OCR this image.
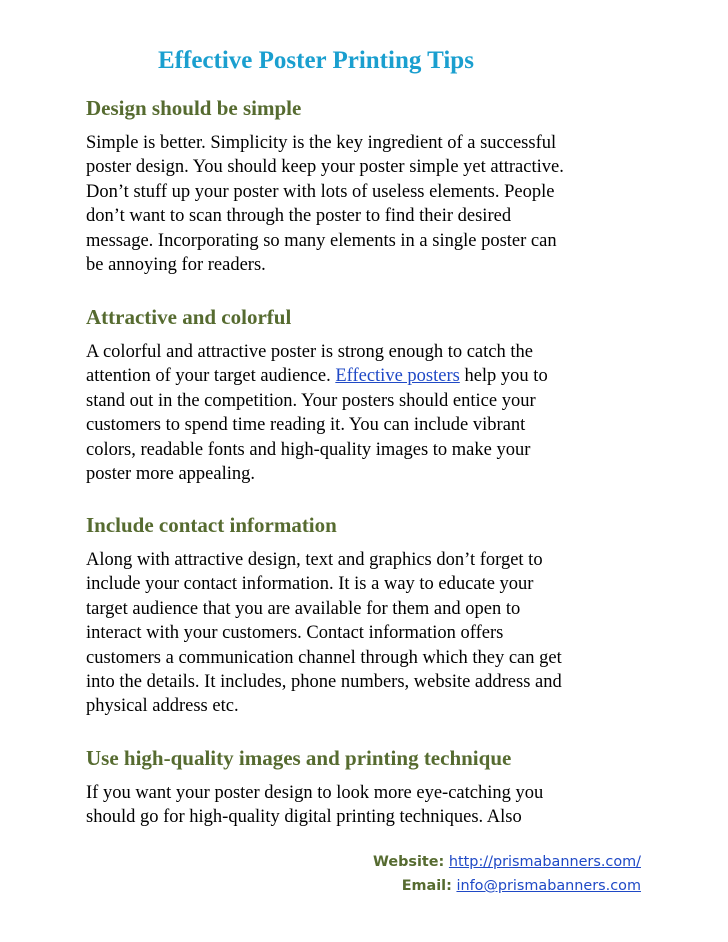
Effective Poster Printing Tips
Design should be simple

Simple is better. Simplicity is the key ingredient of a successful
poster design. You should keep your poster simple yet attractive.
Don’t stuff up your poster with lots of useless elements. People
don’t want to scan through the poster to find their desired
message. Incorporating so many elements in a single poster can
be annoying for readers.

Attractive and colorful

A colorful and attractive poster is strong enough to catch the
attention of your target audience. Effective posters help you to
stand out in the competition. Your posters should entice your
customers to spend time reading it. You can include vibrant
colors, readable fonts and high-quality images to make your
poster more appealing.

Include contact information

Along with attractive design, text and graphics don’t forget to
include your contact information. It is a way to educate your
target audience that you are available for them and open to
interact with your customers. Contact information offers
customers a communication channel through which they can get
into the details. It includes, phone numbers, website address and
physical address etc.

Use high-quality images and printing technique

If you want your poster design to look more eye-catching you
should go for high-quality digital printing techniques. Also

Website: http://prismabanners.com/
Email: info@prismabanners.com
